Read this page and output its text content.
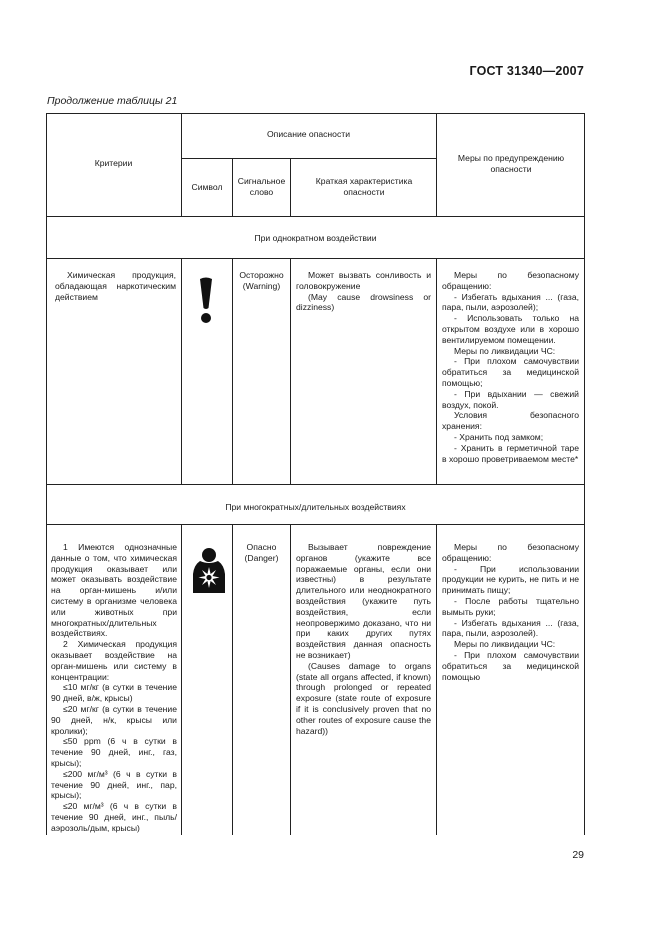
ГОСТ 31340—2007
Продолжение таблицы 21
Критерии
Описание опасности
Символ
Сигнальное слово
Краткая характеристика опасности
Меры по предупреждению опасности
При однократном воздействии
Химическая продукция, обладающая наркотическим действием
Осторожно (Warning)
Может вызвать сонливость и головокружение
(May cause drowsiness or dizziness)
Меры по безопасному обращению:
- Избегать вдыхания ... (газа, пара, пыли, аэрозолей);
- Использовать только на открытом воздухе или в хорошо вентилируемом помещении.
Меры по ликвидации ЧС:
- При плохом самочувствии обратиться за медицинской помощью;
- При вдыхании — свежий воздух, покой.
Условия безопасного хранения:
- Хранить под замком;
- Хранить в герметичной таре в хорошо проветриваемом месте*
При многократных/длительных воздействиях
1 Имеются однозначные данные о том, что химическая продукция оказывает или может оказывать воздействие на орган-мишень и/или систему в организме человека или животных при многократных/длительных воздействиях.
2 Химическая продукция оказывает воздействие на орган-мишень или систему в концентрации:
≤10 мг/кг (в сутки в течение 90 дней, в/ж, крысы)
≤20 мг/кг (в сутки в течение 90 дней, н/к, крысы или кролики);
≤50 ppm (6 ч в сутки в течение 90 дней, инг., газ, крысы);
≤200 мг/м³ (6 ч в сутки в течение 90 дней, инг., пар, крысы);
≤20 мг/м³ (6 ч в сутки в течение 90 дней, инг., пыль/аэрозоль/дым, крысы)
Опасно (Danger)
Вызывает повреждение органов (укажите все поражаемые органы, если они известны) в результате длительного или неоднократного воздействия (укажите путь воздействия, если неопровержимо доказано, что ни при каких других путях воздействия данная опасность не возникает)
(Causes damage to organs (state all organs affected, if known) through prolonged or repeated exposure (state route of exposure if it is conclusively proven that no other routes of exposure cause the hazard))
Меры по безопасному обращению:
- При использовании продукции не курить, не пить и не принимать пищу;
- После работы тщательно вымыть руки;
- Избегать вдыхания ... (газа, пара, пыли, аэрозолей).
Меры по ликвидации ЧС:
- При плохом самочувствии обратиться за медицинской помощью
29
